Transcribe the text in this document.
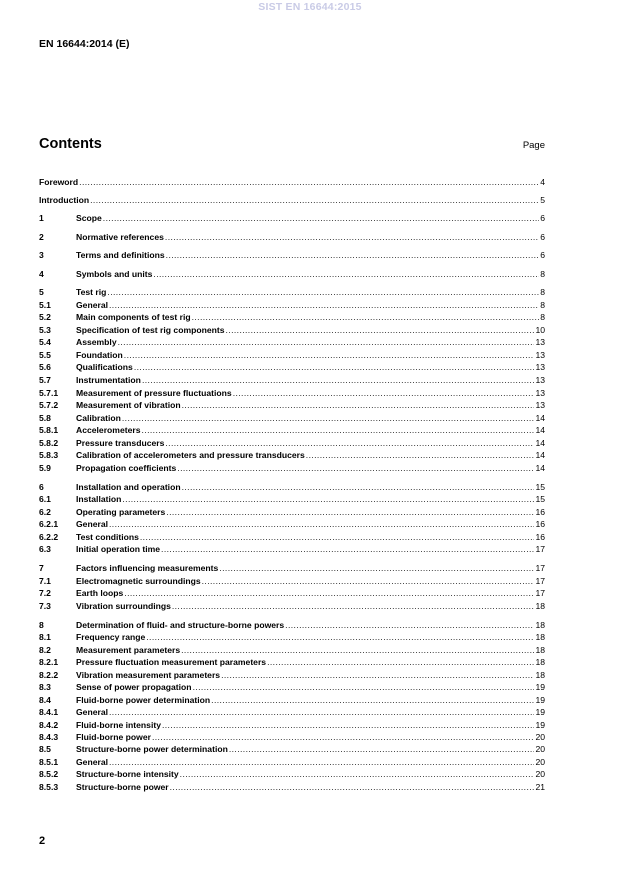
SIST EN 16644:2015
EN 16644:2014 (E)
Contents	Page
Foreword .....	4
Introduction .....	5
1	Scope .....	6
2	Normative references .....	6
3	Terms and definitions .....	6
4	Symbols and units .....	8
5	Test rig .....	8
5.1	General .....	8
5.2	Main components of test rig .....	8
5.3	Specification of test rig components .....	10
5.4	Assembly .....	13
5.5	Foundation .....	13
5.6	Qualifications .....	13
5.7	Instrumentation .....	13
5.7.1	Measurement of pressure fluctuations .....	13
5.7.2	Measurement of vibration .....	13
5.8	Calibration .....	14
5.8.1	Accelerometers .....	14
5.8.2	Pressure transducers .....	14
5.8.3	Calibration of accelerometers and pressure transducers .....	14
5.9	Propagation coefficients .....	14
6	Installation and operation .....	15
6.1	Installation .....	15
6.2	Operating parameters .....	16
6.2.1	General .....	16
6.2.2	Test conditions .....	16
6.3	Initial operation time .....	17
7	Factors influencing measurements .....	17
7.1	Electromagnetic surroundings .....	17
7.2	Earth loops .....	17
7.3	Vibration surroundings .....	18
8	Determination of fluid- and structure-borne powers .....	18
8.1	Frequency range .....	18
8.2	Measurement parameters .....	18
8.2.1	Pressure fluctuation measurement parameters .....	18
8.2.2	Vibration measurement parameters .....	18
8.3	Sense of power propagation .....	19
8.4	Fluid-borne power determination .....	19
8.4.1	General .....	19
8.4.2	Fluid-borne intensity .....	19
8.4.3	Fluid-borne power .....	20
8.5	Structure-borne power determination .....	20
8.5.1	General .....	20
8.5.2	Structure-borne intensity .....	20
8.5.3	Structure-borne power .....	21
2
